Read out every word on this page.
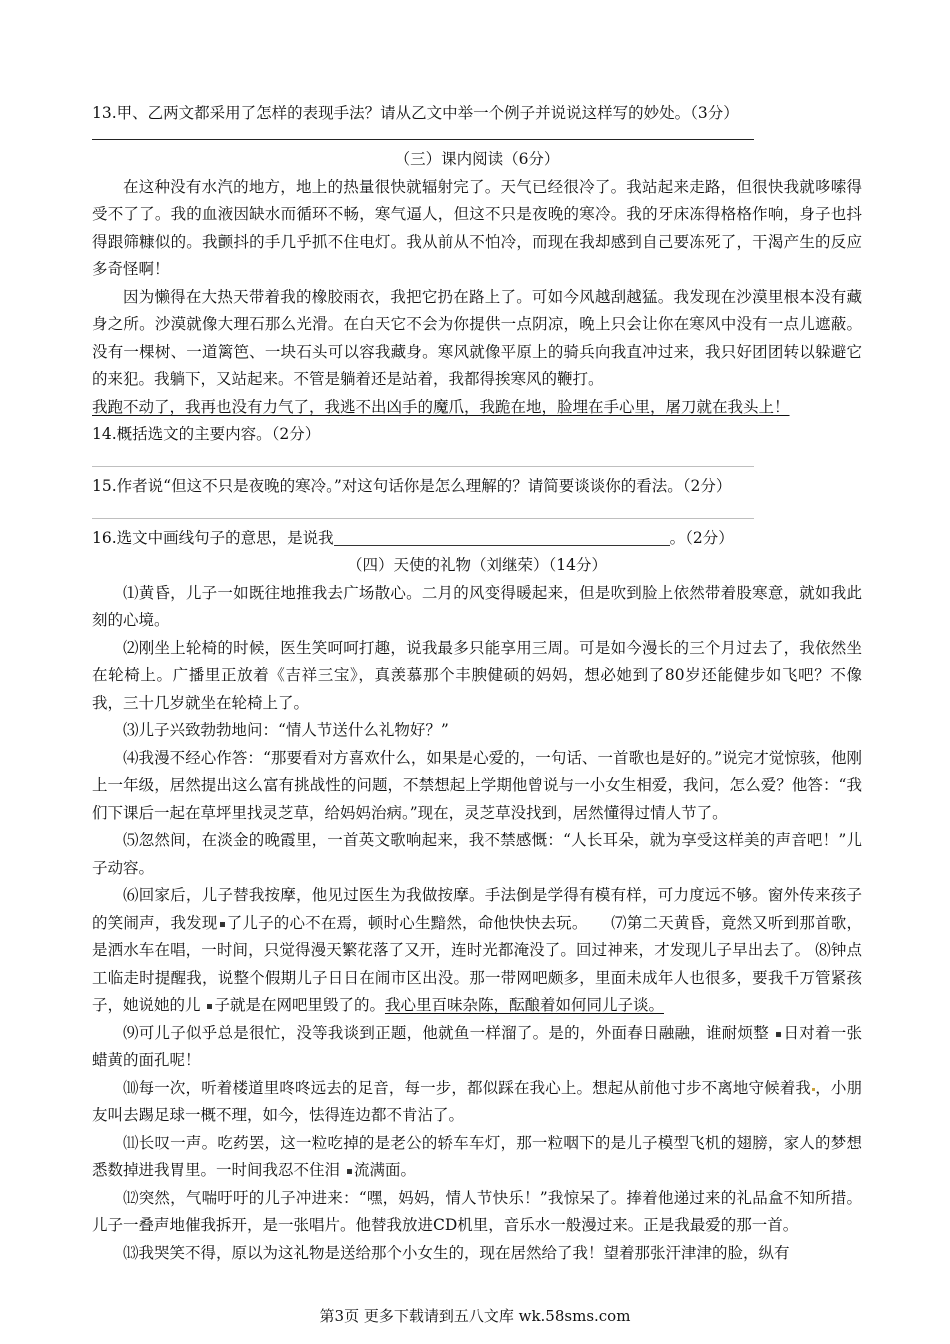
13.甲、乙两文都采用了怎样的表现手法？请从乙文中举一个例子并说说这样写的妙处。（3分）

（三）课内阅读（6分）

在这种没有水汽的地方，地上的热量很快就辐射完了。天气已经很冷了。我站起来走路，但很快我就哆嗦得受不了了。我的血液因缺水而循环不畅，寒气逼人，但这不只是夜晚的寒冷。我的牙床冻得格格作响，身子也抖得跟筛糠似的。我颤抖的手几乎抓不住电灯。我从前从不怕冷，而现在我却感到自己要冻死了，干渴产生的反应多奇怪啊！

因为懒得在大热天带着我的橡胶雨衣，我把它扔在路上了。可如今风越刮越猛。我发现在沙漠里根本没有藏身之所。沙漠就像大理石那么光滑。在白天它不会为你提供一点阴凉，晚上只会让你在寒风中没有一点儿遮蔽。没有一棵树、一道篱笆、一块石头可以容我藏身。寒风就像平原上的骑兵向我直冲过来，我只好团团转以躲避它的来犯。我躺下，又站起来。不管是躺着还是站着，我都得挨寒风的鞭打。

我跑不动了，我再也没有力气了，我逃不出凶手的魔爪，我跪在地，脸埋在手心里，屠刀就在我头上！

14.概括选文的主要内容。（2分）

15.作者说“但这不只是夜晚的寒冷。”对这句话你是怎么理解的？请简要谈谈你的看法。（2分）

16.选文中画线句子的意思，是说我	。（2分）

（四）天使的礼物（刘继荣）（14分）

⑴黄昏，儿子一如既往地推我去广场散心。二月的风变得暖起来，但是吹到脸上依然带着股寒意，就如我此刻的心境。

⑵刚坐上轮椅的时候，医生笑呵呵打趣，说我最多只能享用三周。可是如今漫长的三个月过去了，我依然坐在轮椅上。广播里正放着《吉祥三宝》，真羡慕那个丰腴健硕的妈妈，想必她到了80岁还能健步如飞吧？不像我，三十几岁就坐在轮椅上了。

⑶儿子兴致勃勃地问：“情人节送什么礼物好？”

⑷我漫不经心作答：“那要看对方喜欢什么，如果是心爱的，一句话、一首歌也是好的。”说完才觉惊骇，他刚上一年级，居然提出这么富有挑战性的问题，不禁想起上学期他曾说与一小女生相爱，我问，怎么爱？他答：“我们下课后一起在草坪里找灵芝草，给妈妈治病。”现在，灵芝草没找到，居然懂得过情人节了。

⑸忽然间，在淡金的晚霞里，一首英文歌响起来，我不禁感慨：“人长耳朵，就为享受这样美的声音吧！”儿子动容。

⑹回家后，儿子替我按摩，他见过医生为我做按摩。手法倒是学得有模有样，可力度远不够。窗外传来孩子的笑闹声，我发现 了儿子的心不在焉，顿时心生黯然，命他快快去玩。　　⑺第二天黄昏，竟然又听到那首歌，是洒水车在唱，一时间，只觉得漫天繁花落了又开，连时光都淹没了。回过神来，才发现儿子早出去了。 ⑻钟点工临走时提醒我，说整个假期儿子日日在闹市区出没。那一带网吧颇多，里面未成年人也很多，要我千万管紧孩子，她说她的儿 子就是在网吧里毁了的。我心里百味杂陈，酝酿着如何同儿子谈。

⑼可儿子似乎总是很忙，没等我谈到正题，他就鱼一样溜了。是的，外面春日融融，谁耐烦整 日对着一张蜡黄的面孔呢！

⑽每一次，听着楼道里咚咚远去的足音，每一步，都似踩在我心上。想起从前他寸步不离地守候着我 ，小朋友叫去踢足球一概不理，如今，怯得连边都不肯沾了。

⑾长叹一声。吃药罢，这一粒吃掉的是老公的轿车车灯，那一粒咽下的是儿子模型飞机的翅膀，家人的梦想悉数掉进我胃里。一时间我忍不住泪 流满面。

⑿突然，气喘吁吁的儿子冲进来：“嘿，妈妈，情人节快乐！”我惊呆了。捧着他递过来的礼品盒不知所措。儿子一叠声地催我拆开，是一张唱片。他替我放进CD机里，音乐水一般漫过来。正是我最爱的那一首。

⒀我哭笑不得，原以为这礼物是送给那个小女生的，现在居然给了我！望着那张汗津津的脸，纵有

第3页 更多下载请到五八文库 wk.58sms.com
